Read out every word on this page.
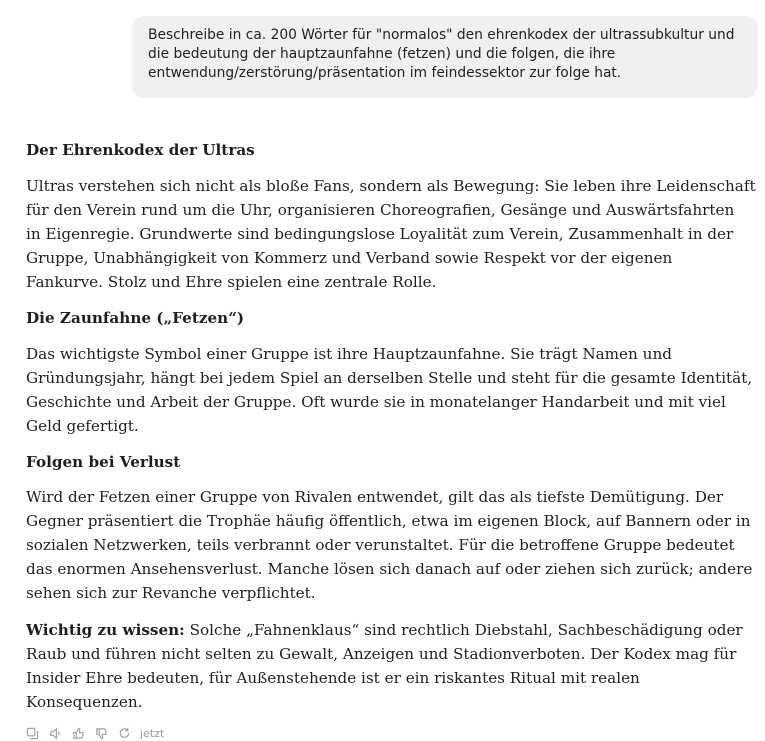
Beschreibe in ca. 200 Wörter für "normalos" den ehrenkodex der ultrassubkultur und

die bedeutung der hauptzaunfahne (fetzen) und die folgen, die ihre

entwendung/zerstörung/präsentation im feindessektor zur folge hat.

Der Ehrenkodex der Ultras
Ultras verstehen sich nicht als bloße Fans, sondern als Bewegung: Sie leben ihre Leidenschaft
für den Verein rund um die Uhr, organisieren Choreografien, Gesänge und Auswärtsfahrten
in Eigenregie. Grundwerte sind bedingungslose Loyalität zum Verein, Zusammenhalt in der
Gruppe, Unabhängigkeit von Kommerz und Verband sowie Respekt vor der eigenen
Fankurve. Stolz und Ehre spielen eine zentrale Rolle.
Die Zaunfahne („Fetzen“)
Das wichtigste Symbol einer Gruppe ist ihre Hauptzaunfahne. Sie trägt Namen und
Gründungsjahr, hängt bei jedem Spiel an derselben Stelle und steht für die gesamte Identität,
Geschichte und Arbeit der Gruppe. Oft wurde sie in monatelanger Handarbeit und mit viel
Geld gefertigt.
Folgen bei Verlust
Wird der Fetzen einer Gruppe von Rivalen entwendet, gilt das als tiefste Demütigung. Der
Gegner präsentiert die Trophäe häufig öffentlich, etwa im eigenen Block, auf Bannern oder in
sozialen Netzwerken, teils verbrannt oder verunstaltet. Für die betroffene Gruppe bedeutet
das enormen Ansehensverlust. Manche lösen sich danach auf oder ziehen sich zurück; andere
sehen sich zur Revanche verpflichtet.
Wichtig zu wissen: Solche „Fahnenklaus“ sind rechtlich Diebstahl, Sachbeschädigung oder
Raub und führen nicht selten zu Gewalt, Anzeigen und Stadionverboten. Der Kodex mag für
Insider Ehre bedeuten, für Außenstehende ist er ein riskantes Ritual mit realen
Konsequenzen.
jetzt
